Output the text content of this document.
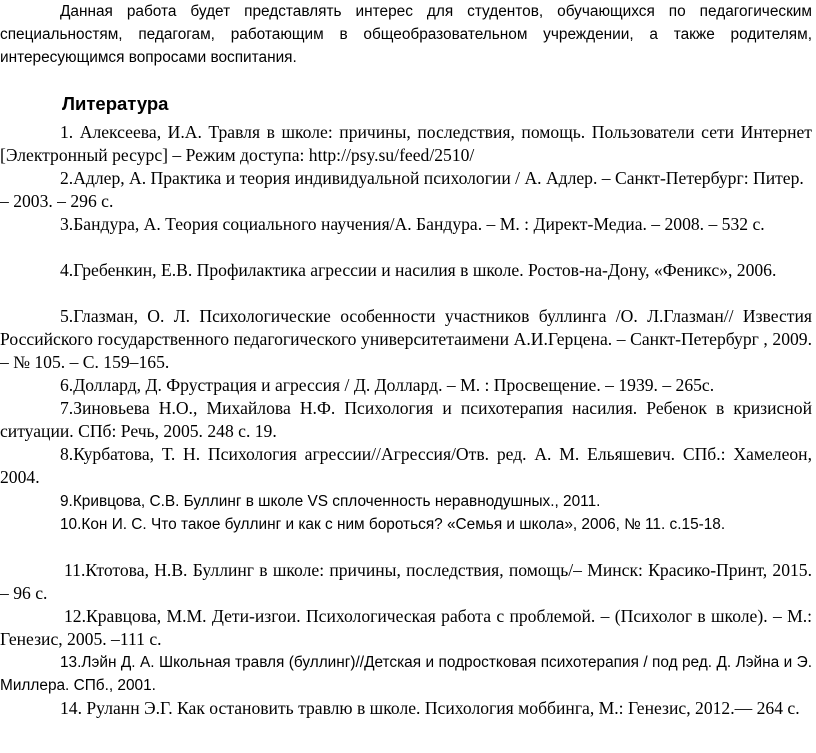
Данная работа будет представлять интерес для студентов, обучающихся по педагогическим специальностям, педагогам, работающим в общеобразовательном учреждении, а также родителям, интересующимся вопросами воспитания.

Литература

1. Алексеева, И.А. Травля в школе: причины, последствия, помощь. Пользователи сети Интернет [Электронный ресурс] – Режим доступа: http://psy.su/feed/2510/

2.Адлер, А. Практика и теория индивидуальной психологии / А. Адлер. – Санкт-Петербург: Питер. – 2003. – 296 с.

3.Бандура, А. Теория социального научения/А. Бандура. – М. : Директ-Медиа. – 2008. – 532 с.

4.Гребенкин, Е.В. Профилактика агрессии и насилия в школе. Ростов-на-Дону, «Феникс», 2006.

5.Глазман, О. Л. Психологические особенности участников буллинга /О. Л.Глазман// Известия Российского государственного педагогического университетаимени А.И.Герцена. – Санкт-Петербург , 2009. – № 105. – С. 159–165.

6.Доллард, Д. Фрустрация и агрессия / Д. Доллард. – М. : Просвещение. – 1939. – 265с.

7.Зиновьева Н.О., Михайлова Н.Ф. Психология и психотерапия насилия. Ребенок в кризисной ситуации. СПб: Речь, 2005. 248 с. 19.

8.Курбатова, Т. Н. Психология агрессии//Агрессия/Отв. ред. А. М. Ельяшевич. СПб.: Хамелеон, 2004.

9.Кривцова, С.В. Буллинг в школе VS сплоченность неравнодушных., 2011.

10.Кон И. С. Что такое буллинг и как с ним бороться? «Семья и школа», 2006, № 11. с.15-18.

11.Ктотова, Н.В. Буллинг в школе: причины, последствия, помощь/– Минск: Красико-Принт, 2015. – 96 с.

12.Кравцова, М.М. Дети-изгои. Психологическая работа с проблемой. – (Психолог в школе). – М.: Генезис, 2005. –111 с.

13.Лэйн Д. А. Школьная травля (буллинг)//Детская и подростковая психотерапия / под ред. Д. Лэйна и Э. Миллера. СПб., 2001.

14. Руланн Э.Г. Как остановить травлю в школе. Психология моббинга, М.: Генезис, 2012.— 264 с.
